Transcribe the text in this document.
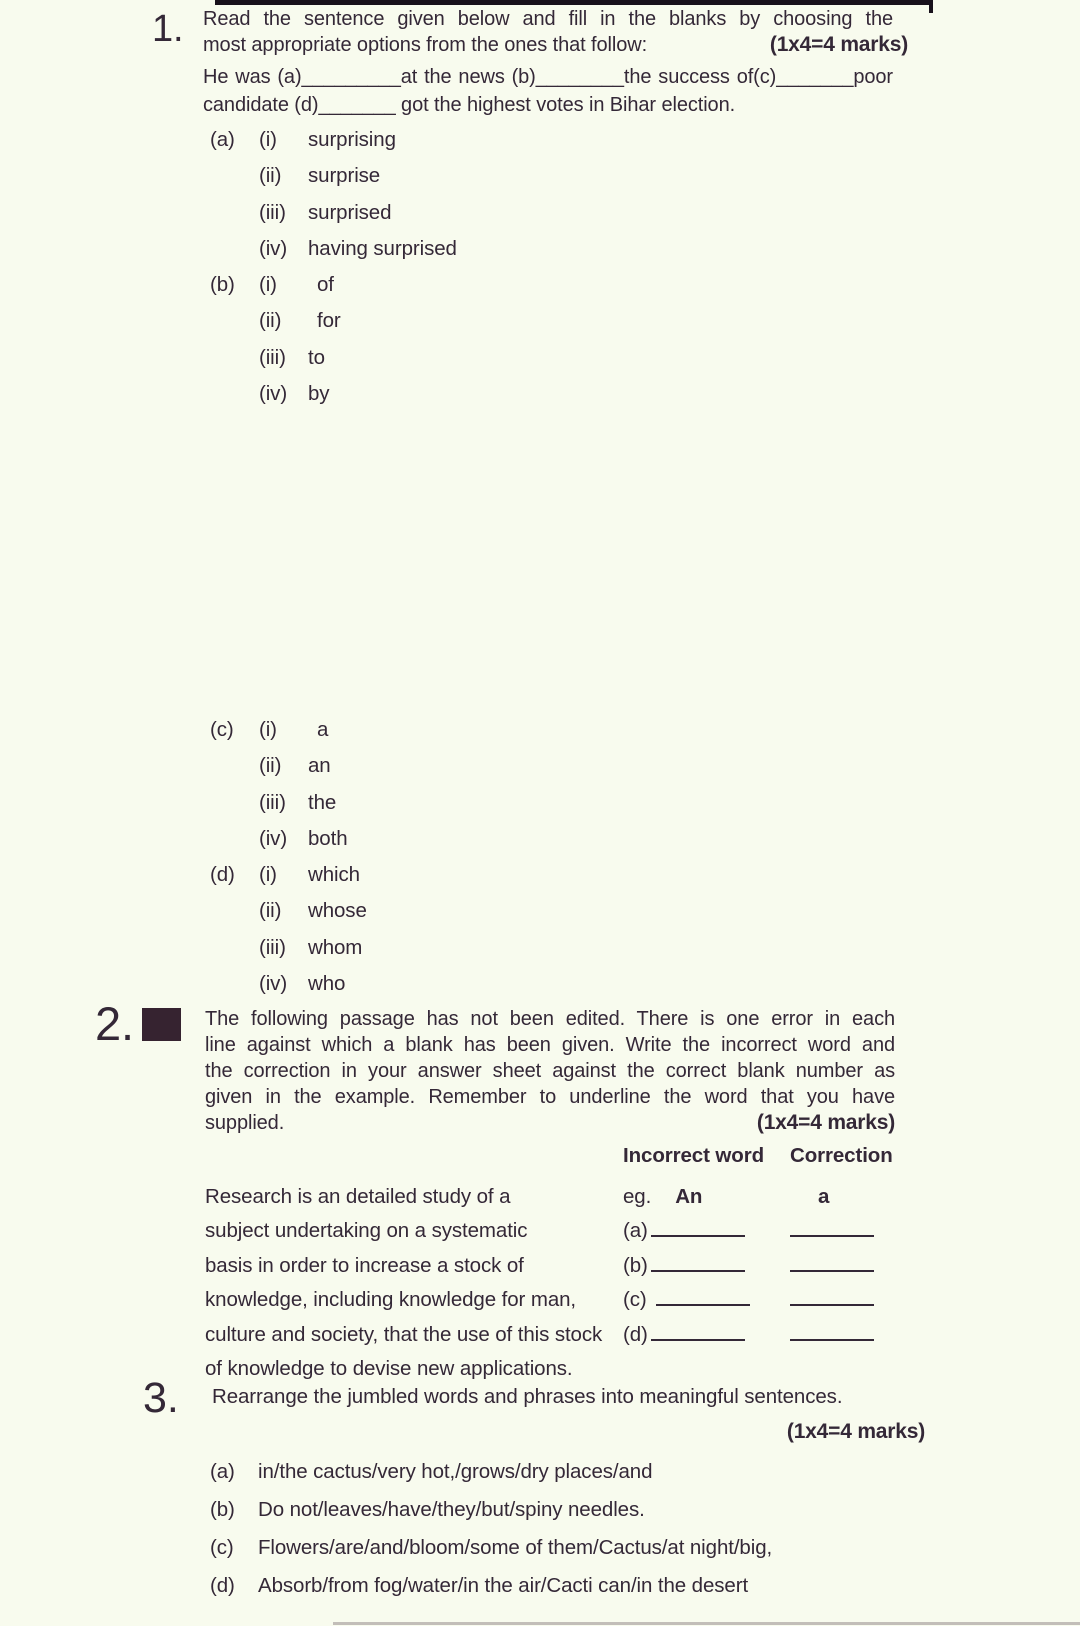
1. Read the sentence given below and fill in the blanks by choosing the
most appropriate options from the ones that follow:	(1x4=4 marks)
He was (a)_________at the news (b)________the success of(c)_______poor
candidate (d)_______ got the highest votes in Bihar election.
(a) (i) surprising
(ii) surprise
(iii) surprised
(iv) having surprised
(b) (i) of
(ii) for
(iii) to
(iv) by
(c) (i) a
(ii) an
(iii) the
(iv) both
(d) (i) which
(ii) whose
(iii) whom
(iv) who
2.	The following passage has not been edited. There is one error in each
line against which a blank has been given. Write the incorrect word and
the correction in your answer sheet against the correct blank number as
given in the example. Remember to underline the word that you have
supplied.	(1x4=4 marks)
Incorrect word Correction
Research is an detailed study of a	eg. An	a
subject undertaking on a systematic	(a)
basis in order to increase a stock of	(b)
knowledge, including knowledge for man, (c)
culture and society, that the use of this stock (d)
of knowledge to devise new applications.
3. Rearrange the jumbled words and phrases into meaningful sentences.
(1x4=4 marks)
(a) in/the cactus/very hot,/grows/dry places/and
(b) Do not/leaves/have/they/but/spiny needles.
(c) Flowers/are/and/bloom/some of them/Cactus/at night/big,
(d) Absorb/from fog/water/in the air/Cacti can/in the desert
